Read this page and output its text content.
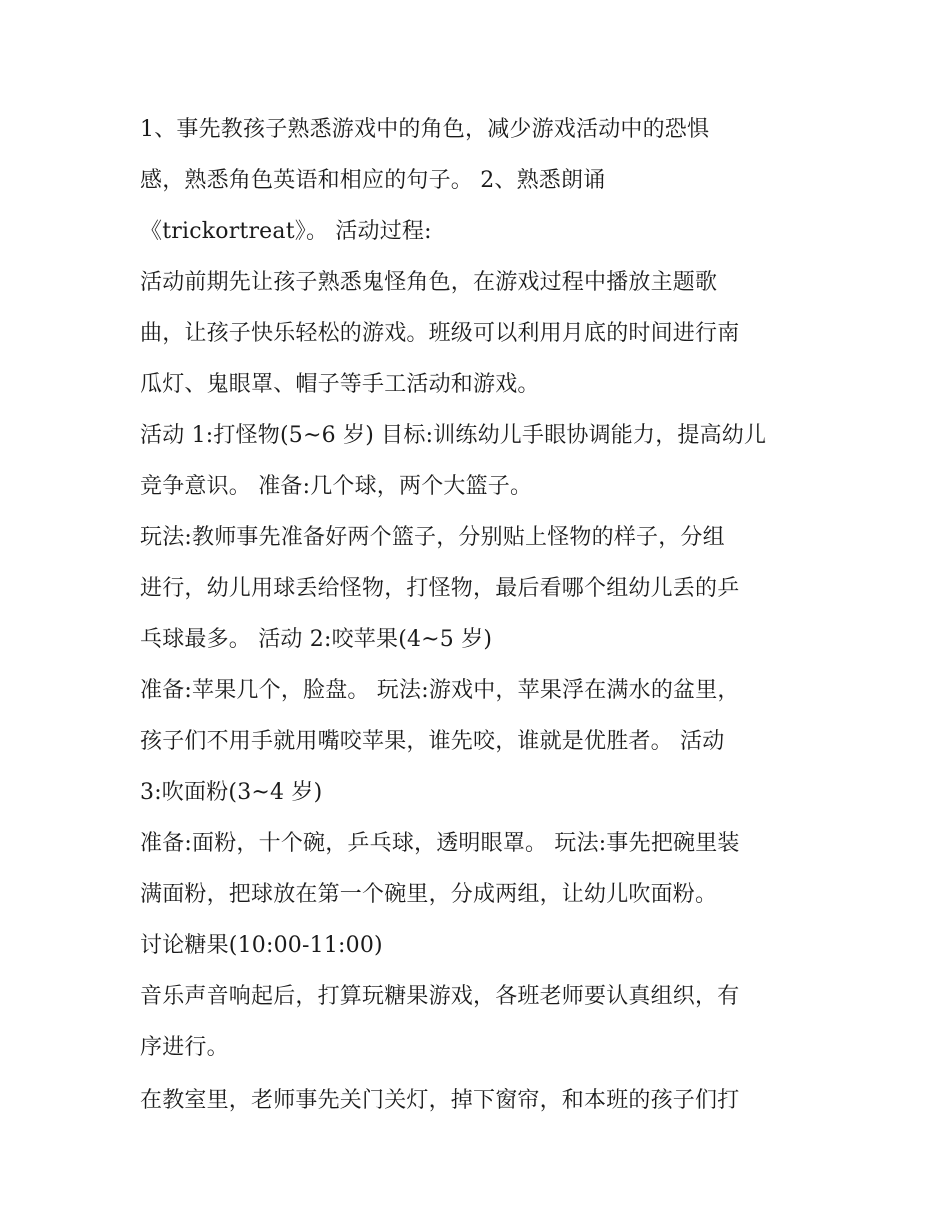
1、事先教孩子熟悉游戏中的角色，减少游戏活动中的恐惧
感，熟悉角色英语和相应的句子。 2、熟悉朗诵
《trickortreat》。 活动过程:
活动前期先让孩子熟悉鬼怪角色，在游戏过程中播放主题歌
曲，让孩子快乐轻松的游戏。班级可以利用月底的时间进行南
瓜灯、鬼眼罩、帽子等手工活动和游戏。
活动 1:打怪物(5~6 岁) 目标:训练幼儿手眼协调能力，提高幼儿
竞争意识。 准备:几个球，两个大篮子。
玩法:教师事先准备好两个篮子，分别贴上怪物的样子，分组
进行，幼儿用球丢给怪物，打怪物，最后看哪个组幼儿丢的乒
乓球最多。 活动 2:咬苹果(4~5 岁)
准备:苹果几个，脸盘。 玩法:游戏中，苹果浮在满水的盆里，
孩子们不用手就用嘴咬苹果，谁先咬，谁就是优胜者。 活动
3:吹面粉(3~4 岁)
准备:面粉，十个碗，乒乓球，透明眼罩。 玩法:事先把碗里装
满面粉，把球放在第一个碗里，分成两组，让幼儿吹面粉。
讨论糖果(10:00-11:00)
音乐声音响起后，打算玩糖果游戏，各班老师要认真组织，有
序进行。
在教室里，老师事先关门关灯，掉下窗帘，和本班的孩子们打
